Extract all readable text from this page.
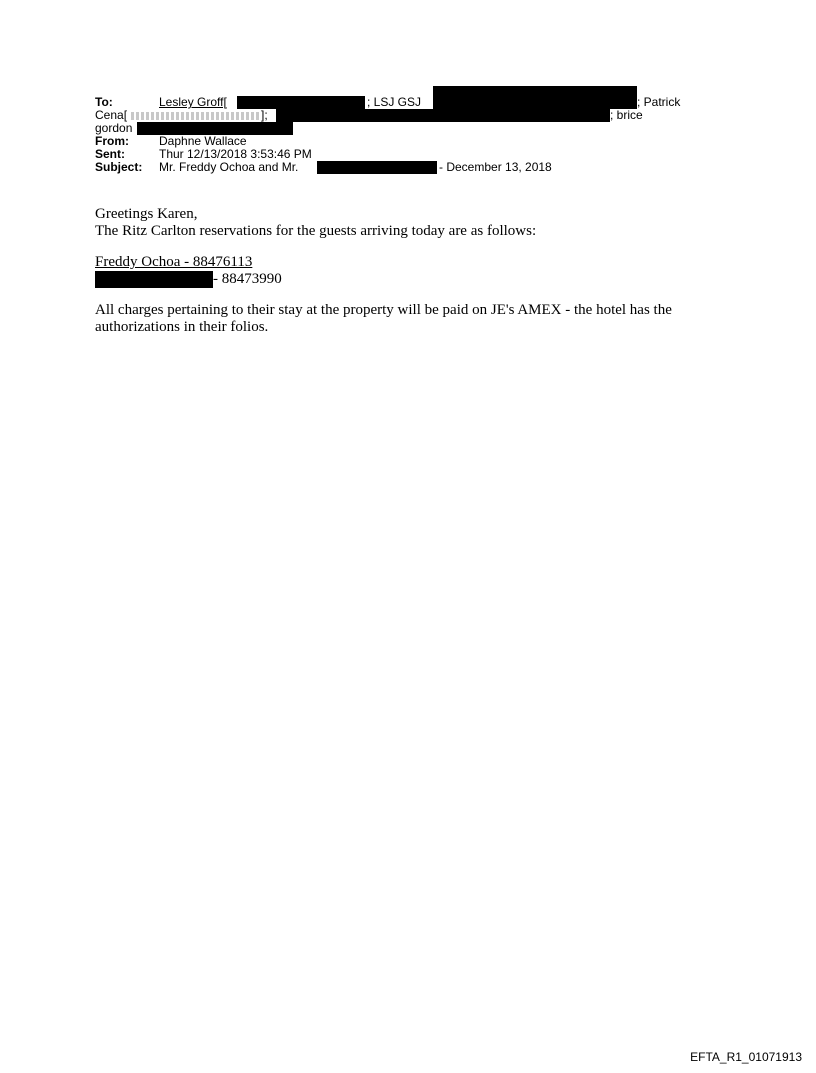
To:	Lesley Groff[	; LSJ GSJ	; Patrick
Cena[	];	; brice
gordon
From:	Daphne Wallace
Sent:	Thur 12/13/2018 3:53:46 PM
Subject: Mr. Freddy Ochoa and Mr.	- December 13, 2018
Greetings Karen,
The Ritz Carlton reservations for the guests arriving today are as follows:
Freddy Ochoa - 88476113
- 88473990
All charges pertaining to their stay at the property will be paid on JE's AMEX - the hotel has the
authorizations in their folios.
EFTA_R1_01071913
